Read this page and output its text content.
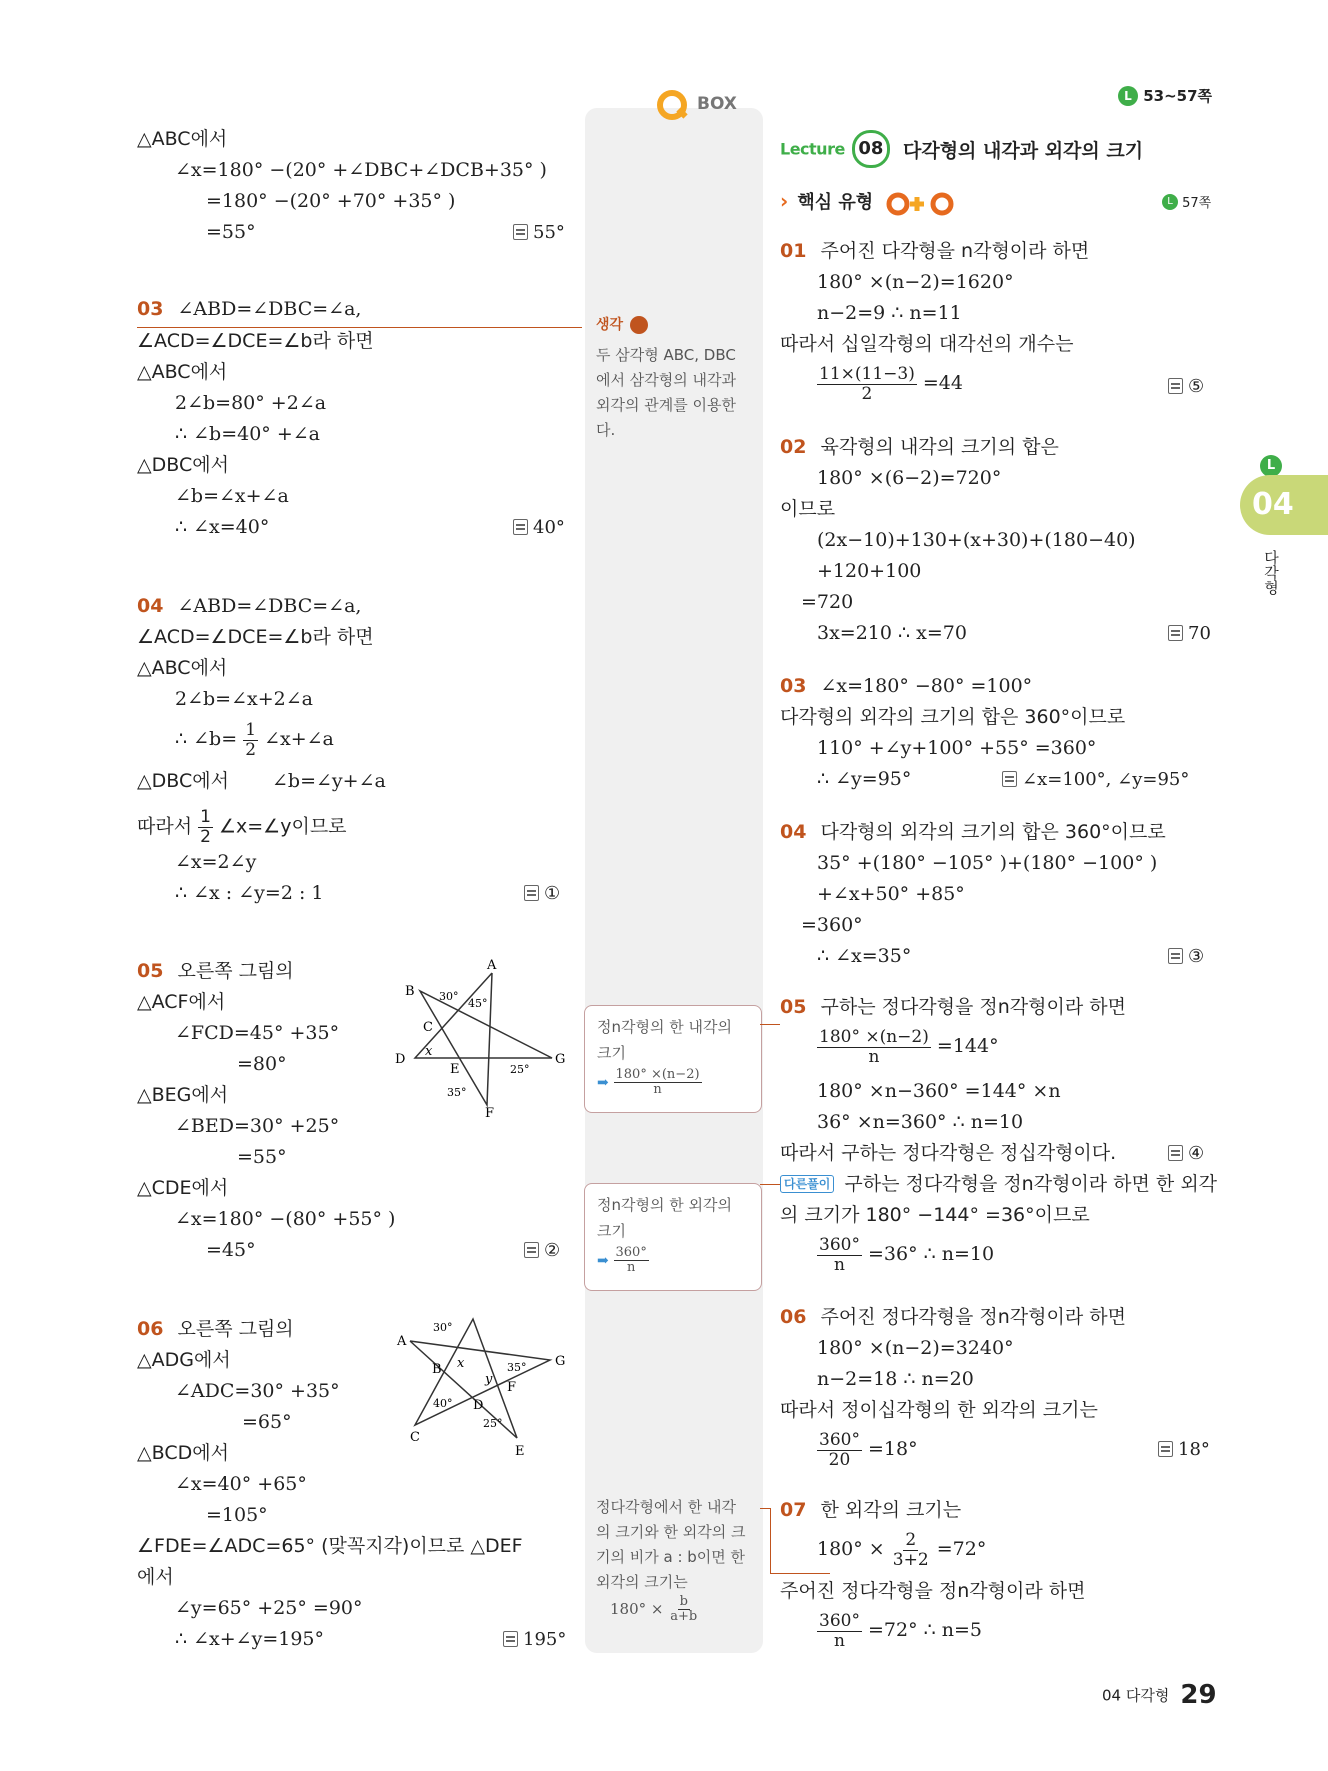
BOX	L 53~57쪽
Lecture 08 다각형의 내각과 외각의 크기
› 핵심 유형	L 57쪽
L
04
다각형
△ABC에서
∠x=180° −(20° +∠DBC+∠DCB+35° )
=180° −(20° +70° +35° )
=55°	55°
03 ∠ABD=∠DBC=∠a,
∠ACD=∠DCE=∠b라 하면
△ABC에서
2∠b=80° +2∠a
∴ ∠b=40° +∠a
△DBC에서
∠b=∠x+∠a
∴ ∠x=40°	40°
04 ∠ABD=∠DBC=∠a,
∠ACD=∠DCE=∠b라 하면
△ABC에서
2∠b=∠x+2∠a
∴ ∠b= $\frac{1}{2}$ ∠x+∠a
△DBC에서 ∠b=∠y+∠a
따라서 $\frac{1}{2}$ ∠x=∠y이므로
∠x=2∠y
∴ ∠x : ∠y=2 : 1	①
05 오른쪽 그림의
△ACF에서
∠FCD=45° +35°
=80°
△BEG에서
∠BED=30° +25°
=55°
△CDE에서
∠x=180° −(80° +55° )
=45°	②
A
B
C
D
E
F
G
30°
45°
25°
35°
x
06 오른쪽 그림의
△ADG에서
∠ADC=30° +35°
=65°
△BCD에서
∠x=40° +65°
=105°
∠FDE=∠ADC=65° (맞꼭지각)이므로 △DEF
에서
∠y=65° +25° =90°
∴ ∠x+∠y=195°	195°
A
B
C
D
E
F
G
30°
35°
40°
25°
x
y
생각
두 삼각형 ABC, DBC
에서 삼각형의 내각과
외각의 관계를 이용한
다.
정n각형의 한 내각의
크기
➡ $\frac{180^\circ \times(n-2)}{n}$
정n각형의 한 외각의
크기
➡ $\frac{360^\circ}{n}$
정다각형에서 한 내각
의 크기와 한 외각의 크
기의 비가 a : b이면 한
외각의 크기는
$180^\circ \times \frac{b}{a+b}$
01 주어진 다각형을 n각형이라 하면
180° ×(n−2)=1620°
n−2=9 ∴ n=11
따라서 십일각형의 대각선의 개수는
$\frac{11\times(11-3)}{2} =44$	⑤
02 육각형의 내각의 크기의 합은
180° ×(6−2)=720°
이므로
(2x−10)+130+(x+30)+(180−40)
+120+100
=720
3x=210 ∴ x=70	70
03 ∠x=180° −80° =100°
다각형의 외각의 크기의 합은 360°이므로
110° +∠y+100° +55° =360°
∴ ∠y=95°	∠x=100°, ∠y=95°
04 다각형의 외각의 크기의 합은 360°이므로
35° +(180° −105° )+(180° −100° )
+∠x+50° +85°
=360°
∴ ∠x=35°	③
05 구하는 정다각형을 정n각형이라 하면
$\frac{180^\circ \times(n-2)}{n} =144^\circ$
180° ×n−360° =144° ×n
36° ×n=360° ∴ n=10
따라서 구하는 정다각형은 정십각형이다.	④
다른풀이 구하는 정다각형을 정n각형이라 하면 한 외각
의 크기가 180° −144° =36°이므로
$\frac{360^\circ}{n} =36^\circ$ ∴ n=10
06 주어진 정다각형을 정n각형이라 하면
180° ×(n−2)=3240°
n−2=18 ∴ n=20
따라서 정이십각형의 한 외각의 크기는
$\frac{360^\circ}{20} =18^\circ$	18°
07 한 외각의 크기는
$180^\circ \times \frac{2}{3+2} =72^\circ$
주어진 정다각형을 정n각형이라 하면
$\frac{360^\circ}{n} =72^\circ$ ∴ n=5
04 다각형 29
